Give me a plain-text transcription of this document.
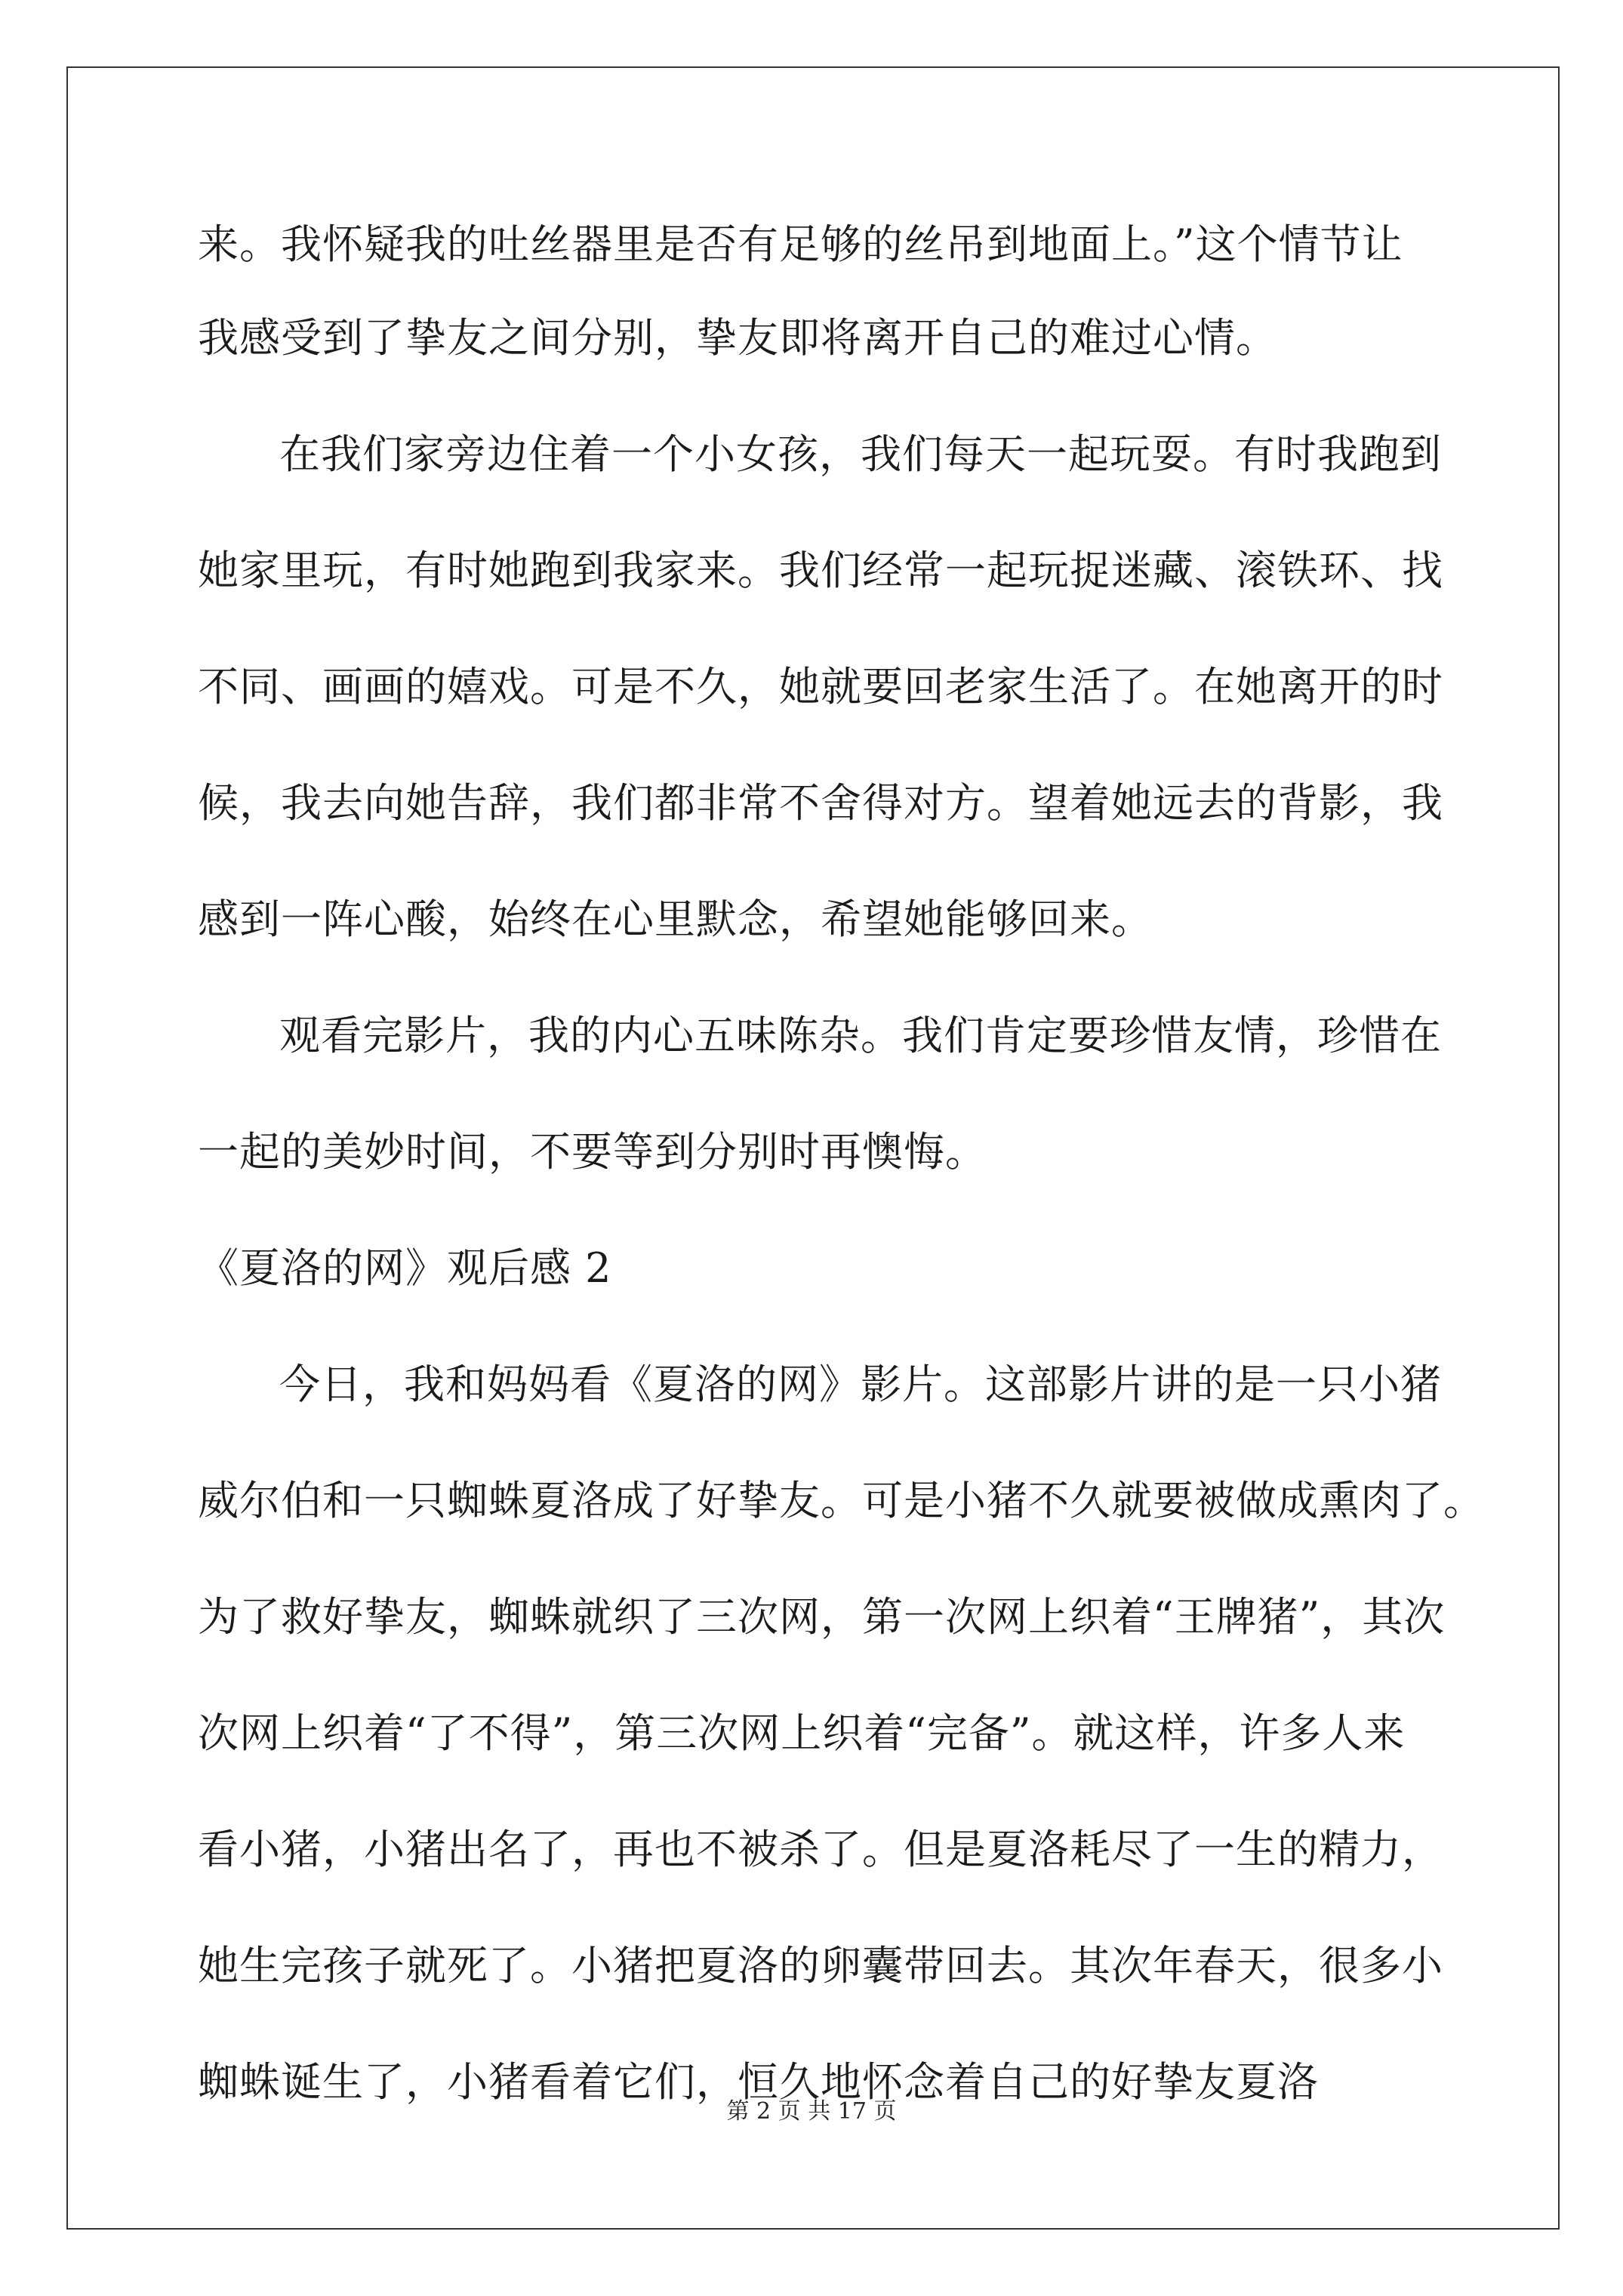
来。我怀疑我的吐丝器里是否有足够的丝吊到地面上。”这个情节让
我感受到了挚友之间分别，挚友即将离开自己的难过心情。
在我们家旁边住着一个小女孩，我们每天一起玩耍。有时我跑到
她家里玩，有时她跑到我家来。我们经常一起玩捉迷藏、滚铁环、找
不同、画画的嬉戏。可是不久，她就要回老家生活了。在她离开的时
候，我去向她告辞，我们都非常不舍得对方。望着她远去的背影，我
感到一阵心酸，始终在心里默念，希望她能够回来。
观看完影片，我的内心五味陈杂。我们肯定要珍惜友情，珍惜在
一起的美妙时间，不要等到分别时再懊悔。
《夏洛的网》观后感 2
今日，我和妈妈看《夏洛的网》影片。这部影片讲的是一只小猪
威尔伯和一只蜘蛛夏洛成了好挚友。可是小猪不久就要被做成熏肉了。
为了救好挚友，蜘蛛就织了三次网，第一次网上织着“王牌猪”，其次
次网上织着“了不得”，第三次网上织着“完备”。就这样，许多人来
看小猪，小猪出名了，再也不被杀了。但是夏洛耗尽了一生的精力，
她生完孩子就死了。小猪把夏洛的卵囊带回去。其次年春天，很多小
蜘蛛诞生了，小猪看着它们，恒久地怀念着自己的好挚友夏洛
第 2 页 共 17 页
